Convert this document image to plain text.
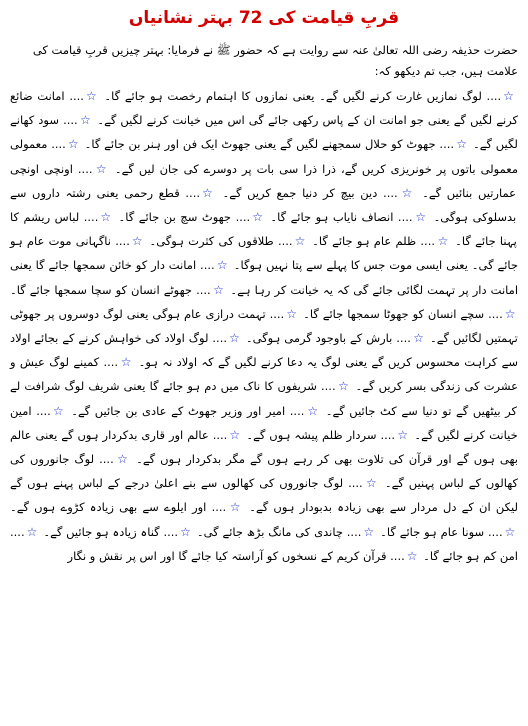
قربِ قیامت کی 72 بہتر نشانیاں
حضرت حذیفہ رضی اللہ تعالیٰ عنہ سے روایت ہے کہ حضور ﷺ نے فرمایا: بہتر چیزیں قربِ قیامت کی علامت ہیں، جب تم دیکھو کہ:
☆.... لوگ نمازیں غارت کرنے لگیں گے۔ یعنی نمازوں کا اہتمام رخصت ہو جائے گا۔ ☆.... امانت ضائع کرنے لگیں گے یعنی جو امانت ان کے پاس رکھی جائے گی اس میں خیانت کرنے لگیں گے۔ ☆.... سود کھانے لگیں گے۔ ☆.... جھوٹ کو حلال سمجھنے لگیں گے یعنی جھوٹ ایک فن اور ہنر بن جائے گا۔ ☆.... معمولی معمولی باتوں پر خونریزی کریں گے، ذرا ذرا سی بات پر دوسرے کی جان لیں گے۔ ☆.... اونچی اونچی عمارتیں بنائیں گے۔ ☆.... دین بیچ کر دنیا جمع کریں گے۔ ☆.... قطع رحمی یعنی رشتہ داروں سے بدسلوکی ہوگی۔ ☆.... انصاف نایاب ہو جائے گا۔ ☆.... جھوٹ سچ بن جائے گا۔ ☆.... لباس ریشم کا پہنا جائے گا۔ ☆.... ظلم عام ہو جائے گا۔ ☆.... طلاقوں کی کثرت ہوگی۔ ☆.... ناگہانی موت عام ہو جائے گی۔ یعنی ایسی موت جس کا پہلے سے پتا نہیں ہوگا۔ ☆.... امانت دار کو خائن سمجھا جائے گا یعنی امانت دار پر تہمت لگائی جائے گی کہ یہ خیانت کر رہا ہے۔ ☆.... جھوٹے انسان کو سچا سمجھا جائے گا۔ ☆.... سچے انسان کو جھوٹا سمجھا جائے گا۔ ☆.... تہمت درازی عام ہوگی یعنی لوگ دوسروں پر جھوٹی تہمتیں لگائیں گے۔ ☆.... بارش کے باوجود گرمی ہوگی۔ ☆.... لوگ اولاد کی خواہش کرنے کے بجائے اولاد سے کراہت محسوس کریں گے یعنی لوگ یہ دعا کرنے لگیں گے کہ اولاد نہ ہو۔ ☆.... کمینے لوگ عیش و عشرت کی زندگی بسر کریں گے۔ ☆.... شریفوں کا ناک میں دم ہو جائے گا یعنی شریف لوگ شرافت لے کر بیٹھیں گے تو دنیا سے کٹ جائیں گے۔ ☆.... امیر اور وزیر جھوٹ کے عادی بن جائیں گے۔ ☆.... امین خیانت کرنے لگیں گے۔ ☆.... سردار ظلم پیشہ ہوں گے۔ ☆.... عالم اور قاری بدکردار ہوں گے یعنی عالم بھی ہوں گے اور قرآن کی تلاوت بھی کر رہے ہوں گے مگر بدکردار ہوں گے۔ ☆.... لوگ جانوروں کی کھالوں کے لباس پہنیں گے۔ ☆.... لوگ جانوروں کی کھالوں سے بنے اعلیٰ درجے کے لباس پہنے ہوں گے لیکن ان کے دل مردار سے بھی زیادہ بدبودار ہوں گے۔ ☆.... اور ایلوے سے بھی زیادہ کڑوے ہوں گے۔ ☆.... سونا عام ہو جائے گا۔ ☆.... چاندی کی مانگ بڑھ جائے گی۔ ☆.... گناہ زیادہ ہو جائیں گے۔ ☆.... امن کم ہو جائے گا۔ ☆.... قرآن کریم کے نسخوں کو آراستہ کیا جائے گا اور اس پر نقش و نگار
